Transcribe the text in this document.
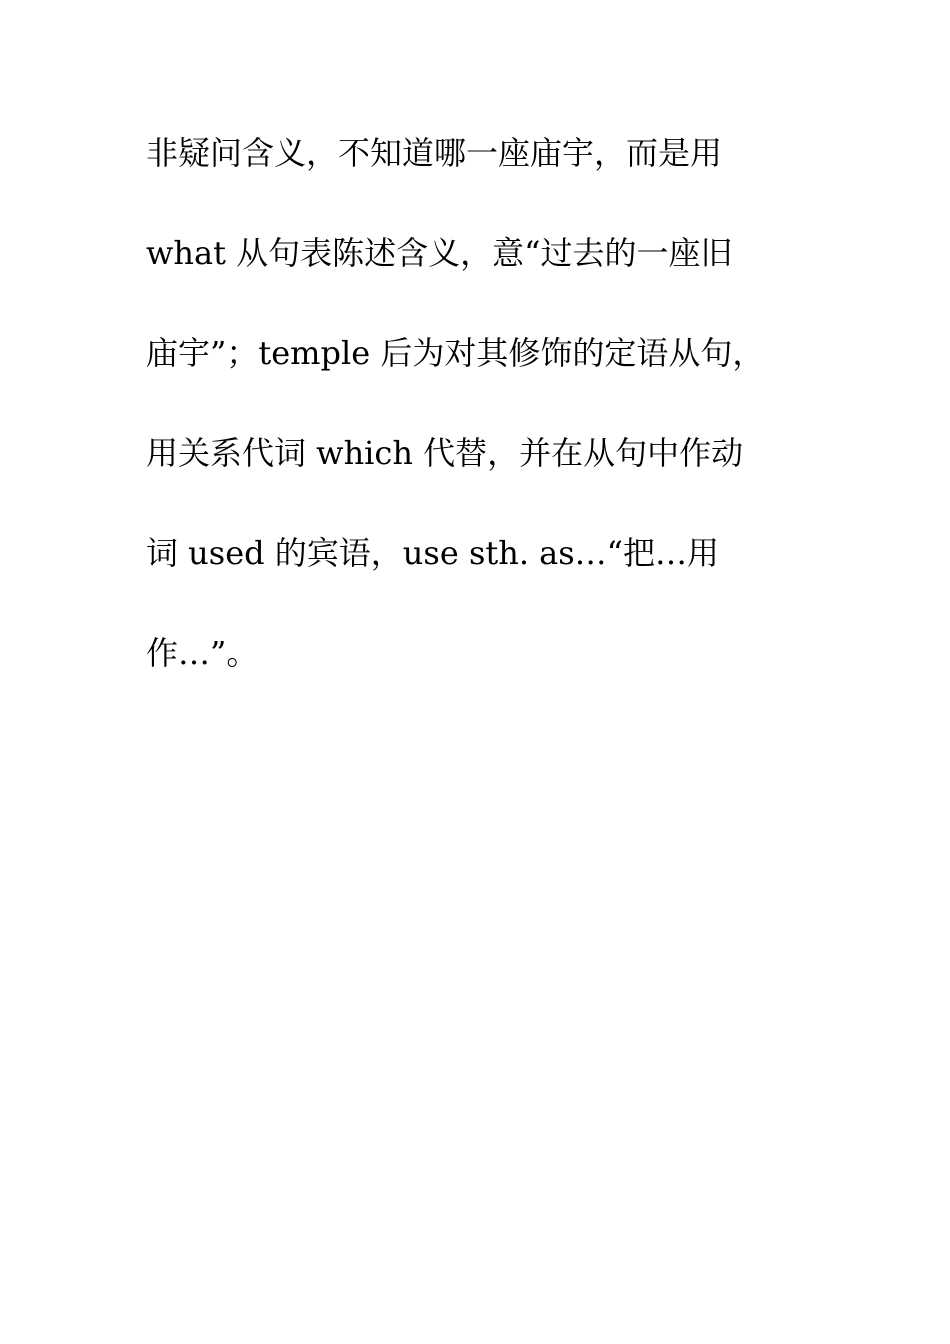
非疑问含义，不知道哪一座庙宇，而是用
what 从句表陈述含义，意“过去的一座旧
庙宇”；temple 后为对其修饰的定语从句，
用关系代词 which 代替，并在从句中作动
词 used 的宾语，use sth. as…“把…用
作…”。
